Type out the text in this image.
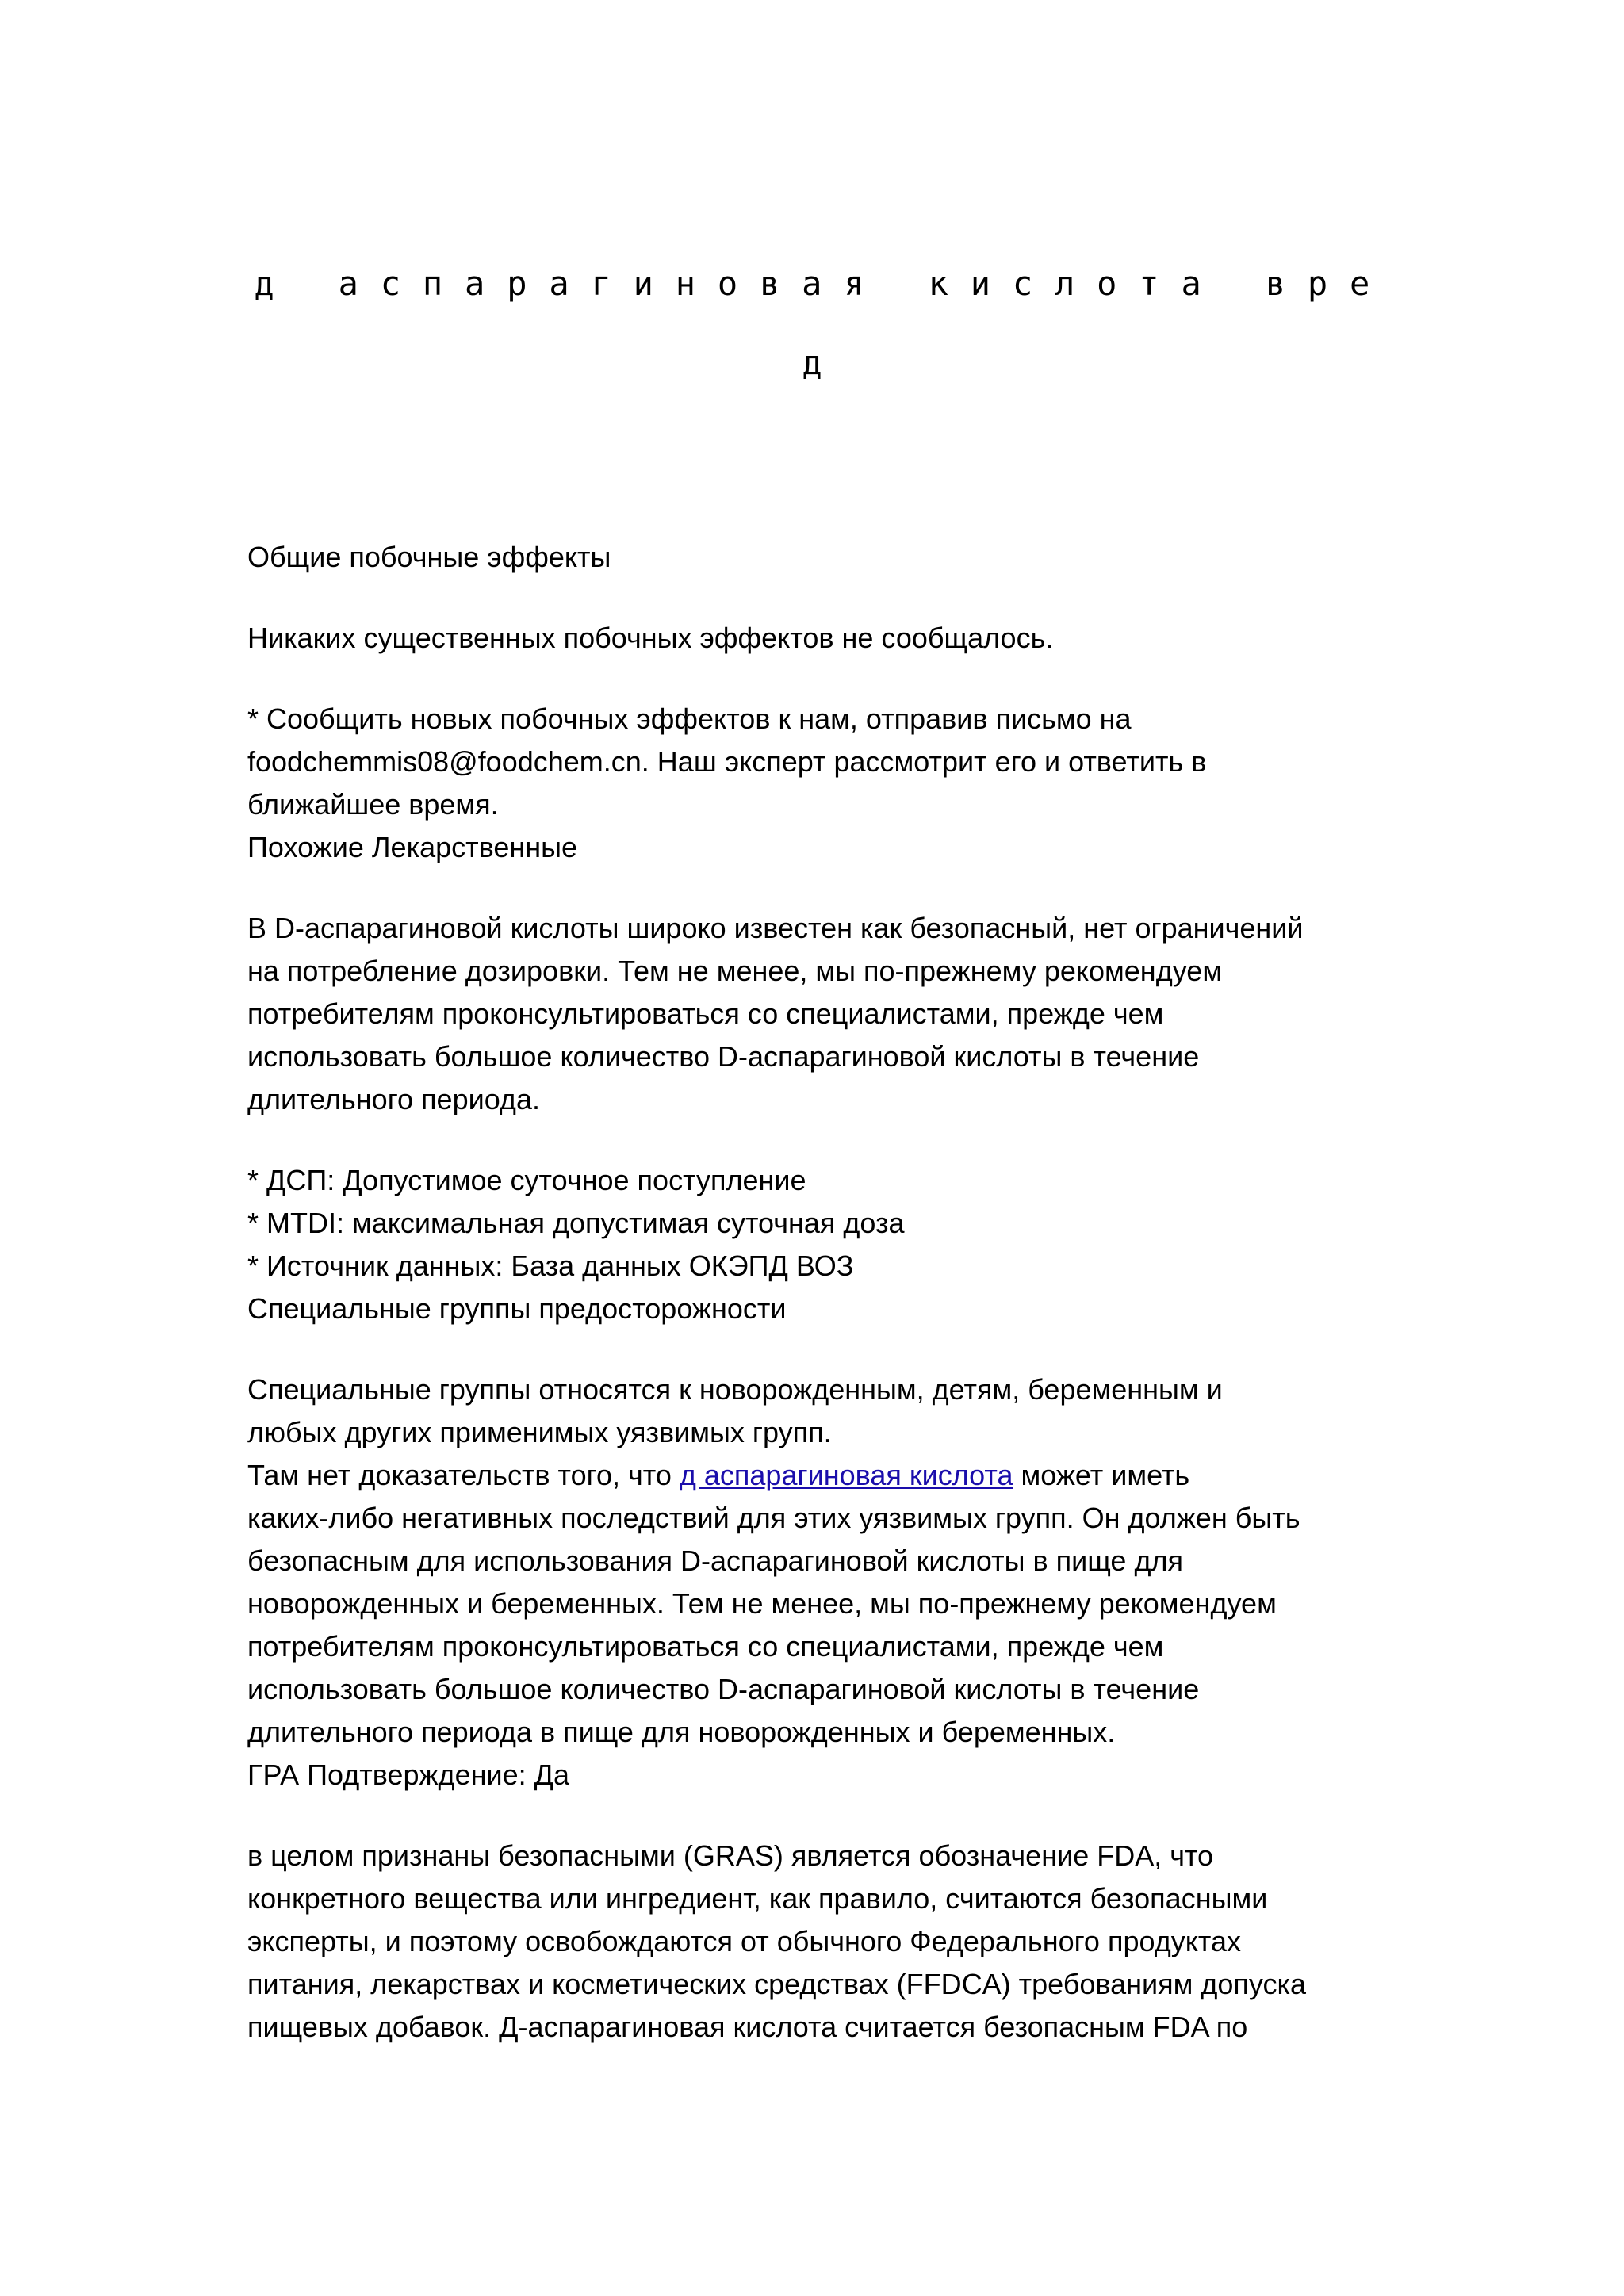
д
а с п а р а г и н о в а я
к и с л о т а
в р е
д

Общие побочные эффекты

Никаких существенных побочных эффектов не сообщалось.

* Сообщить новых побочных эффектов к нам, отправив письмо на

foodchemmis08@foodchem.cn. Наш эксперт рассмотрит его и ответить в

ближайшее время.

Похожие Лекарственные

В D-аспарагиновой кислоты широко известен как безопасный, нет ограничений

на потребление дозировки. Тем не менее, мы по-прежнему рекомендуем

потребителям проконсультироваться со специалистами, прежде чем

использовать большое количество D-аспарагиновой кислоты в течение

длительного периода.

* ДСП: Допустимое суточное поступление

* MTDI: максимальная допустимая суточная доза

* Источник данных: База данных ОКЭПД ВОЗ

Специальные группы предосторожности

Специальные группы относятся к новорожденным, детям, беременным и

любых других применимых уязвимых групп.

Там нет доказательств того, что д аспарагиновая кислота может иметь

каких-либо негативных последствий для этих уязвимых групп. Он должен быть

безопасным для использования D-аспарагиновой кислоты в пище для

новорожденных и беременных. Тем не менее, мы по-прежнему рекомендуем

потребителям проконсультироваться со специалистами, прежде чем

использовать большое количество D-аспарагиновой кислоты в течение

длительного периода в пище для новорожденных и беременных.

ГРА Подтверждение: Да

в целом признаны безопасными (GRAS) является обозначение FDA, что

конкретного вещества или ингредиент, как правило, считаются безопасными

эксперты, и поэтому освобождаются от обычного Федерального продуктах

питания, лекарствах и косметических средствах (FFDCA) требованиям допуска

пищевых добавок. Д-аспарагиновая кислота считается безопасным FDA по
